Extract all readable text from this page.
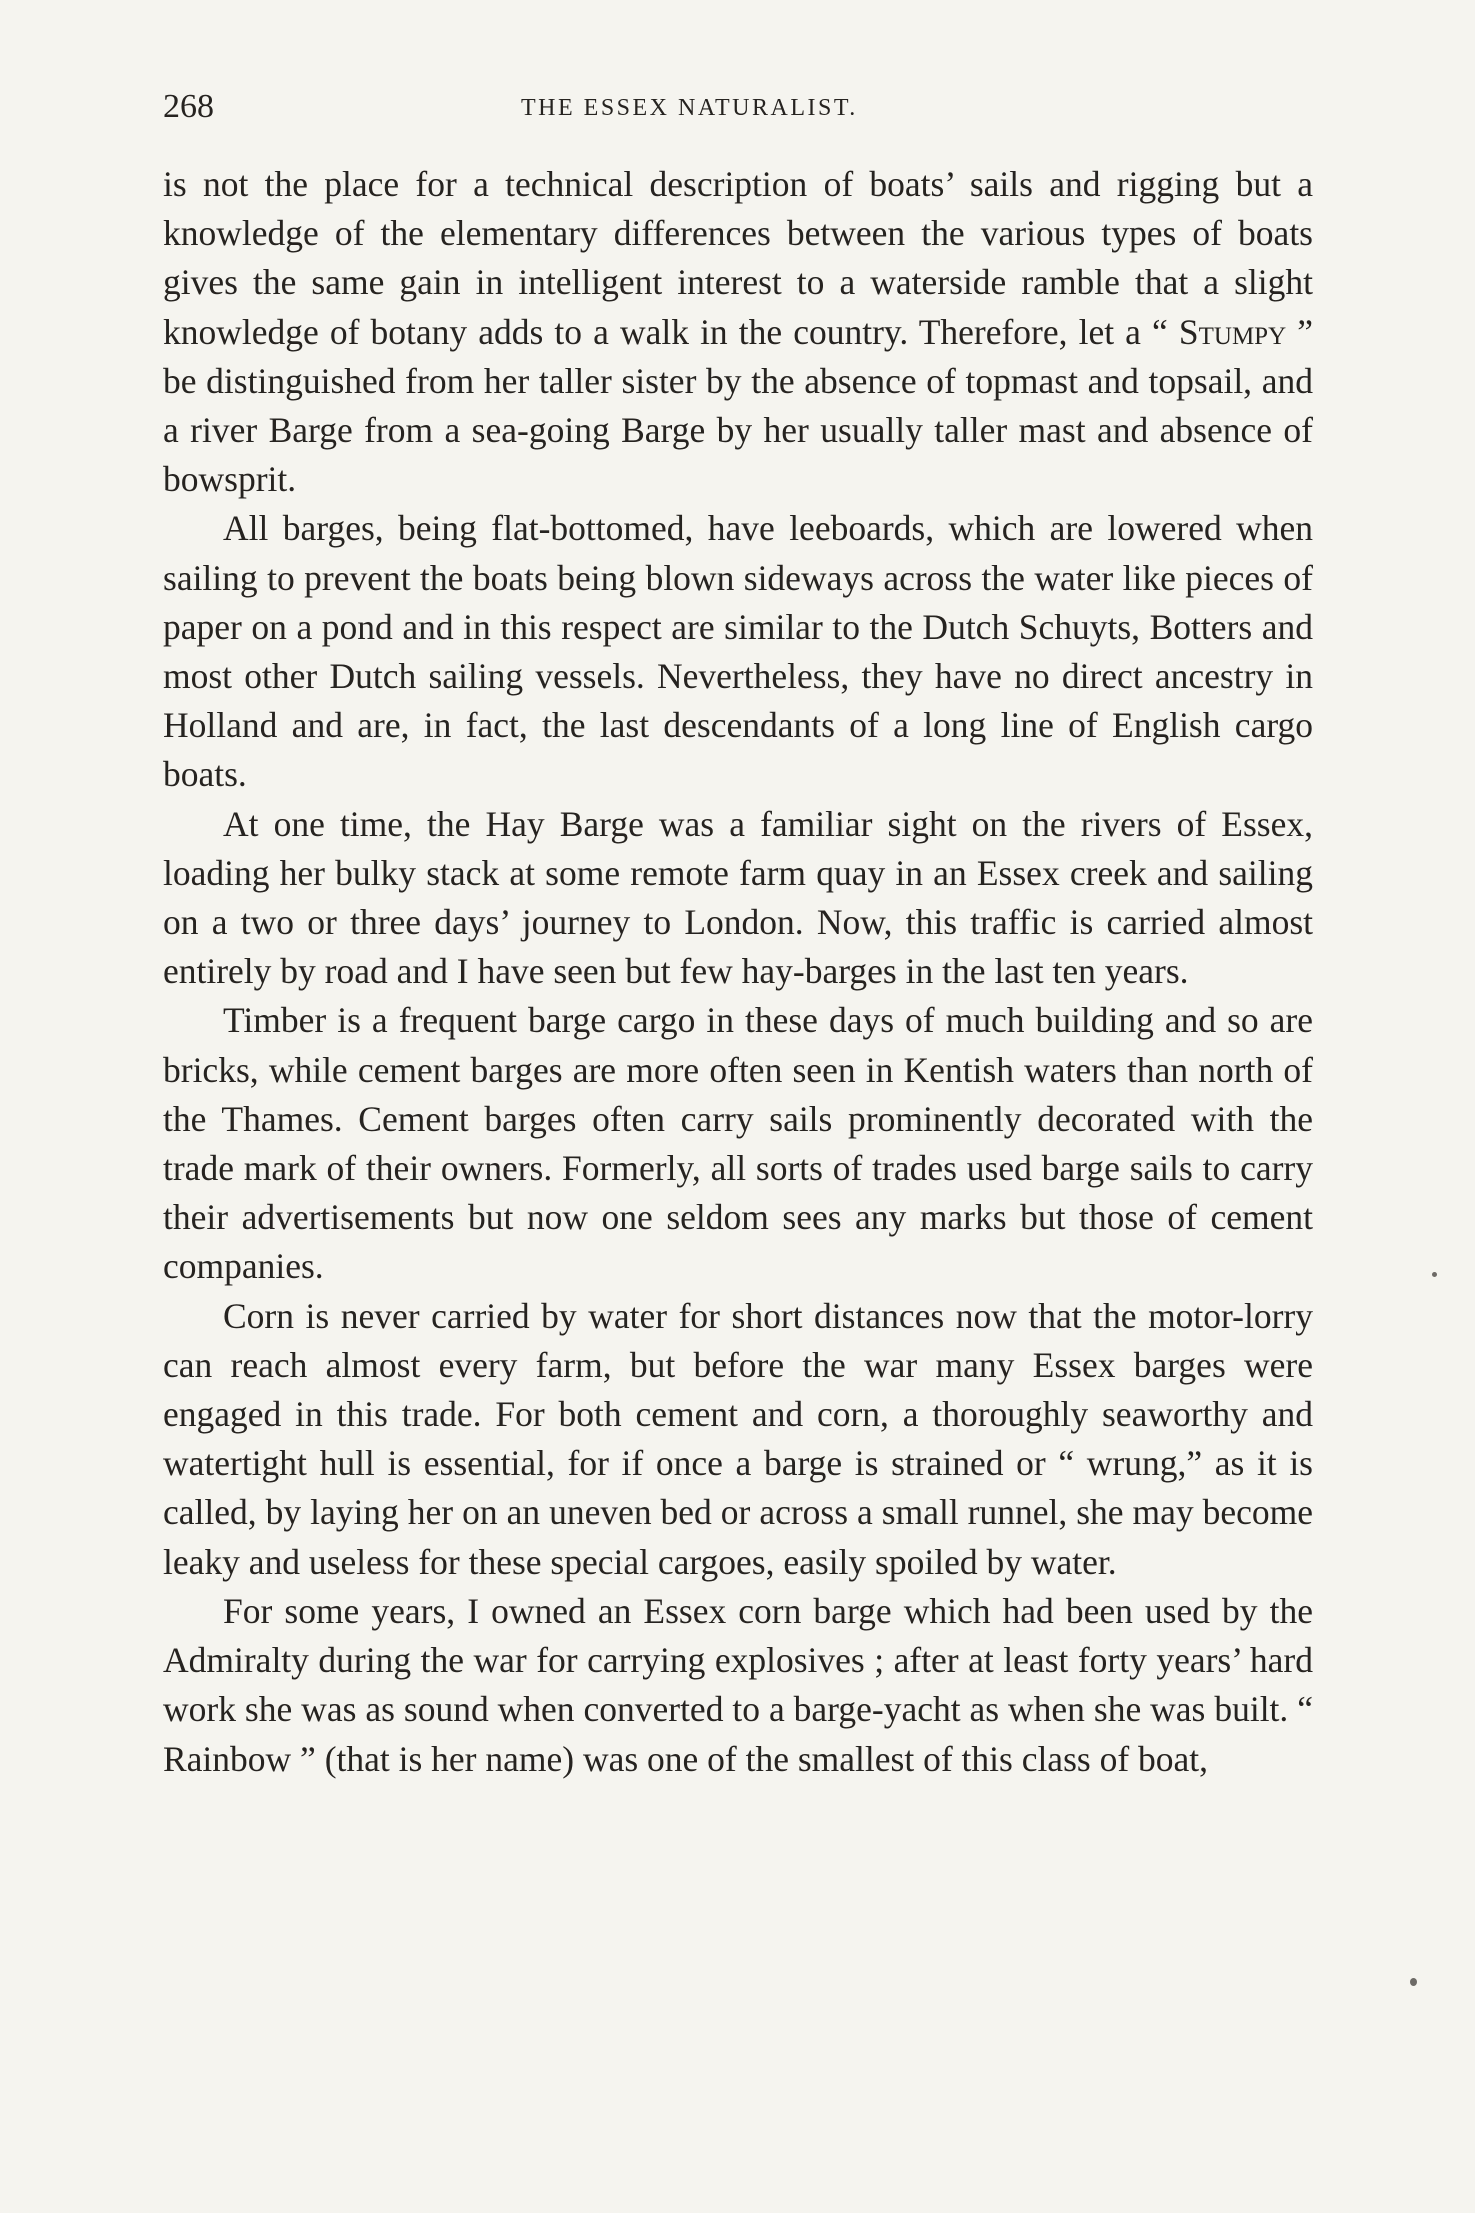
268	THE ESSEX NATURALIST.

is not the place for a technical description of boats’ sails and rigging but a knowledge of the elementary differences between the various types of boats gives the same gain in intelligent interest to a waterside ramble that a slight knowledge of botany adds to a walk in the country. Therefore, let a “ Stumpy ” be distinguished from her taller sister by the absence of topmast and topsail, and a river Barge from a sea-going Barge by her usually taller mast and absence of bowsprit.

All barges, being flat-bottomed, have leeboards, which are lowered when sailing to prevent the boats being blown sideways across the water like pieces of paper on a pond and in this respect are similar to the Dutch Schuyts, Botters and most other Dutch sailing vessels. Nevertheless, they have no direct ancestry in Holland and are, in fact, the last descendants of a long line of English cargo boats.

At one time, the Hay Barge was a familiar sight on the rivers of Essex, loading her bulky stack at some remote farm quay in an Essex creek and sailing on a two or three days’ journey to London. Now, this traffic is carried almost entirely by road and I have seen but few hay-barges in the last ten years.

Timber is a frequent barge cargo in these days of much building and so are bricks, while cement barges are more often seen in Kentish waters than north of the Thames. Cement barges often carry sails prominently decorated with the trade mark of their owners. Formerly, all sorts of trades used barge sails to carry their advertisements but now one seldom sees any marks but those of cement companies.

Corn is never carried by water for short distances now that the motor-lorry can reach almost every farm, but before the war many Essex barges were engaged in this trade. For both cement and corn, a thoroughly seaworthy and watertight hull is essential, for if once a barge is strained or “ wrung,” as it is called, by laying her on an uneven bed or across a small runnel, she may become leaky and useless for these special cargoes, easily spoiled by water.

For some years, I owned an Essex corn barge which had been used by the Admiralty during the war for carrying explosives ; after at least forty years’ hard work she was as sound when converted to a barge-yacht as when she was built. “ Rainbow ” (that is her name) was one of the smallest of this class of boat,
